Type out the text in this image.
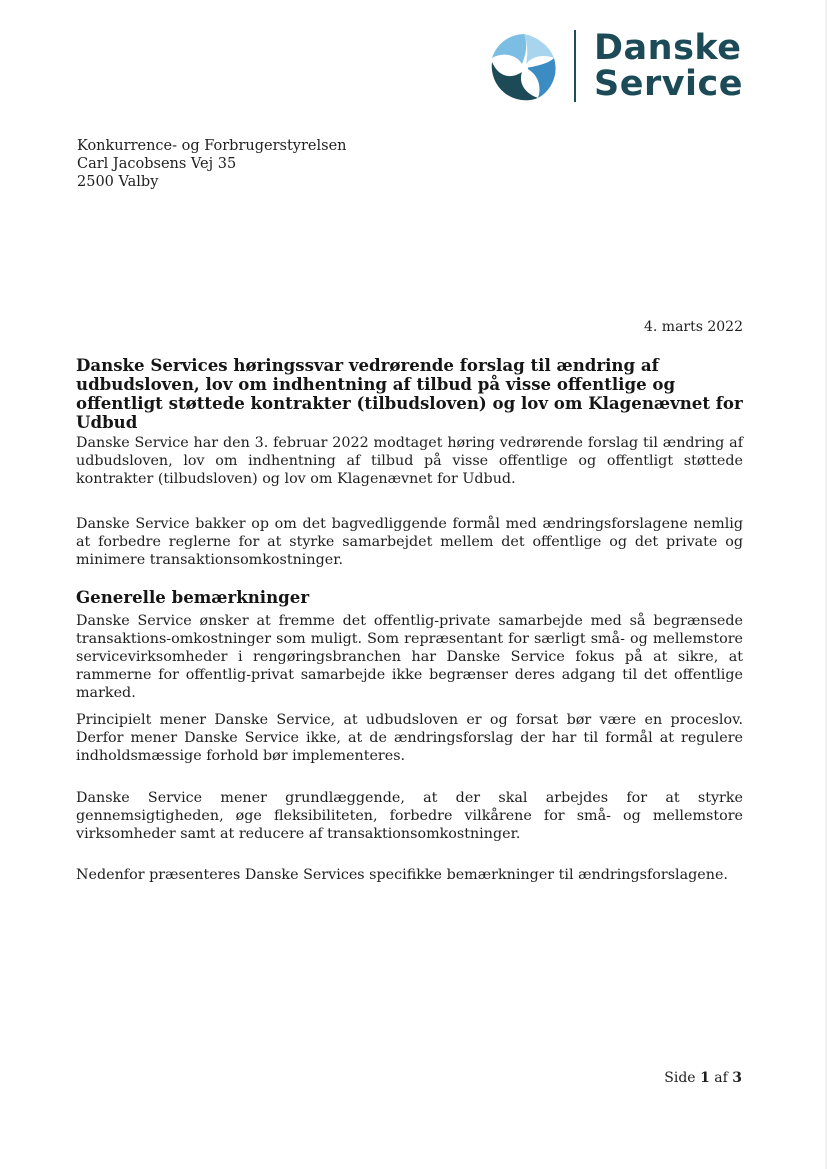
Danske
Service
Konkurrence- og Forbrugerstyrelsen
Carl Jacobsens Vej 35
2500 Valby
4. marts 2022
Danske Services høringssvar vedrørende forslag til ændring af udbudsloven, lov om indhentning af tilbud på visse offentlige og offentligt støttede kontrakter (tilbudsloven) og lov om Klagenævnet for Udbud
Danske Service har den 3. februar 2022 modtaget høring vedrørende forslag til ændring af udbudsloven, lov om indhentning af tilbud på visse offentlige og offentligt støttede kontrakter (tilbudsloven) og lov om Klagenævnet for Udbud.
Danske Service bakker op om det bagvedliggende formål med ændringsforslagene nemlig at forbedre reglerne for at styrke samarbejdet mellem det offentlige og det private og minimere transaktionsomkostninger.
Generelle bemærkninger
Danske Service ønsker at fremme det offentlig-private samarbejde med så begrænsede transaktions-omkostninger som muligt. Som repræsentant for særligt små- og mellemstore servicevirksomheder i rengøringsbranchen har Danske Service fokus på at sikre, at rammerne for offentlig-privat samarbejde ikke begrænser deres adgang til det offentlige marked.
Principielt mener Danske Service, at udbudsloven er og forsat bør være en proceslov. Derfor mener Danske Service ikke, at de ændringsforslag der har til formål at regulere indholdsmæssige forhold bør implementeres.
Danske Service mener grundlæggende, at der skal arbejdes for at styrke gennemsigtigheden, øge fleksibiliteten, forbedre vilkårene for små- og mellemstore virksomheder samt at reducere af transaktionsomkostninger.
Nedenfor præsenteres Danske Services specifikke bemærkninger til ændringsforslagene.
Side 1 af 3
